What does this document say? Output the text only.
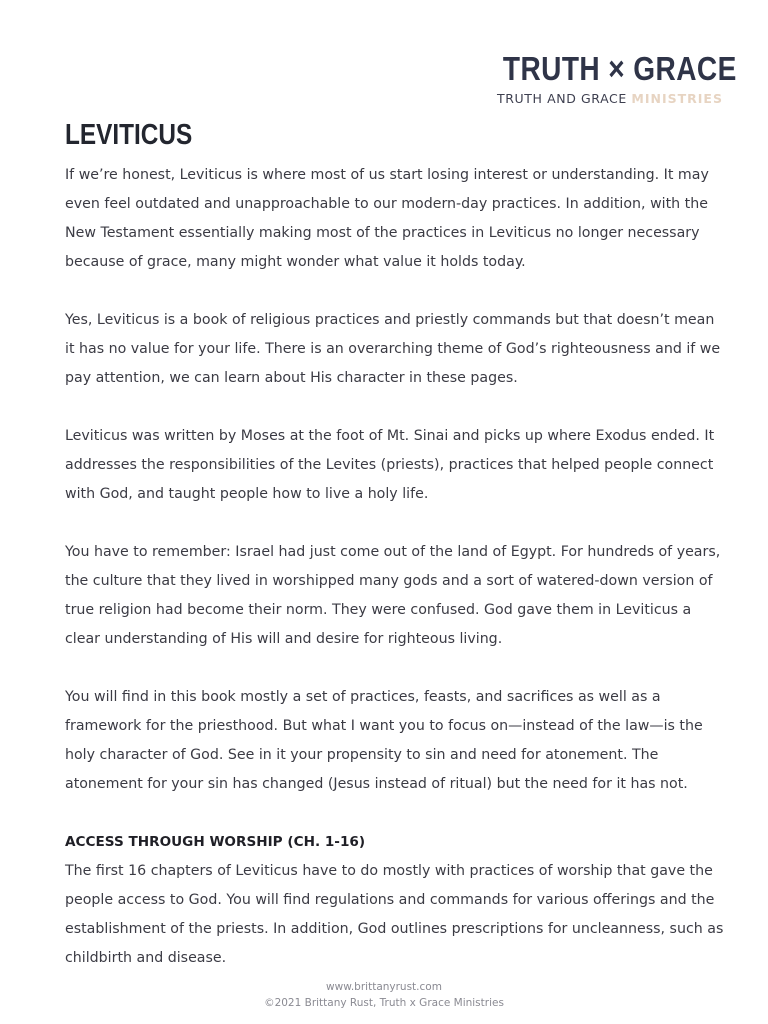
TRUTH × GRACE
TRUTH AND GRACE MINISTRIES
LEVITICUS

If we’re honest, Leviticus is where most of us start losing interest or understanding. It may even feel outdated and unapproachable to our modern-day practices. In addition, with the New Testament essentially making most of the practices in Leviticus no longer necessary because of grace, many might wonder what value it holds today.

Yes, Leviticus is a book of religious practices and priestly commands but that doesn’t mean it has no value for your life. There is an overarching theme of God’s righteousness and if we pay attention, we can learn about His character in these pages.

Leviticus was written by Moses at the foot of Mt. Sinai and picks up where Exodus ended. It addresses the responsibilities of the Levites (priests), practices that helped people connect with God, and taught people how to live a holy life.

You have to remember: Israel had just come out of the land of Egypt. For hundreds of years, the culture that they lived in worshipped many gods and a sort of watered-down version of true religion had become their norm. They were confused. God gave them in Leviticus a clear understanding of His will and desire for righteous living.

You will find in this book mostly a set of practices, feasts, and sacrifices as well as a framework for the priesthood. But what I want you to focus on—instead of the law—is the holy character of God. See in it your propensity to sin and need for atonement. The atonement for your sin has changed (Jesus instead of ritual) but the need for it has not.

ACCESS THROUGH WORSHIP (CH. 1-16)

The first 16 chapters of Leviticus have to do mostly with practices of worship that gave the people access to God. You will find regulations and commands for various offerings and the establishment of the priests. In addition, God outlines prescriptions for uncleanness, such as childbirth and disease.

www.brittanyrust.com
©2021 Brittany Rust, Truth x Grace Ministries
